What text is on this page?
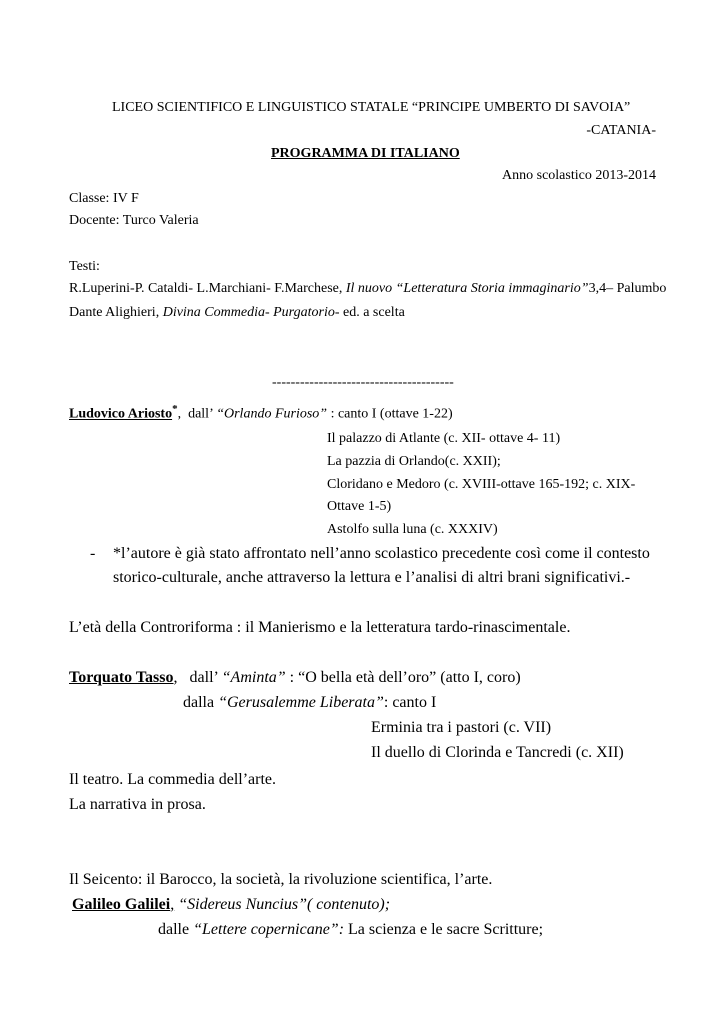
LICEO SCIENTIFICO E LINGUISTICO STATALE “PRINCIPE UMBERTO DI SAVOIA”
-CATANIA-
PROGRAMMA DI ITALIANO
Anno scolastico 2013-2014
Classe: IV F
Docente: Turco Valeria
Testi:
R.Luperini-P. Cataldi- L.Marchiani- F.Marchese, Il nuovo “Letteratura Storia immaginario”3,4– Palumbo
Dante Alighieri, Divina Commedia- Purgatorio- ed. a scelta
---------------------------------------
Ludovico Ariosto*, dall’ “Orlando Furioso” : canto I (ottave 1-22)
Il palazzo di Atlante (c. XII- ottave 4- 11)
La pazzia di Orlando(c. XXII);
Cloridano e Medoro (c. XVIII-ottave 165-192; c. XIX-
Ottave 1-5)
Astolfo sulla luna (c. XXXIV)
- *l’autore è già stato affrontato nell’anno scolastico precedente così come il contesto
storico-culturale, anche attraverso la lettura e l’analisi di altri brani significativi.-
L’età della Controriforma : il Manierismo e la letteratura tardo-rinascimentale.
Torquato Tasso, dall’ “Aminta” : “O bella età dell’oro” (atto I, coro)
dalla “Gerusalemme Liberata”: canto I
Erminia tra i pastori (c. VII)
Il duello di Clorinda e Tancredi (c. XII)
Il teatro. La commedia dell’arte.
La narrativa in prosa.
Il Seicento: il Barocco, la società, la rivoluzione scientifica, l’arte.
Galileo Galilei, “Sidereus Nuncius”( contenuto);
dalle “Lettere copernicane”: La scienza e le sacre Scritture;
